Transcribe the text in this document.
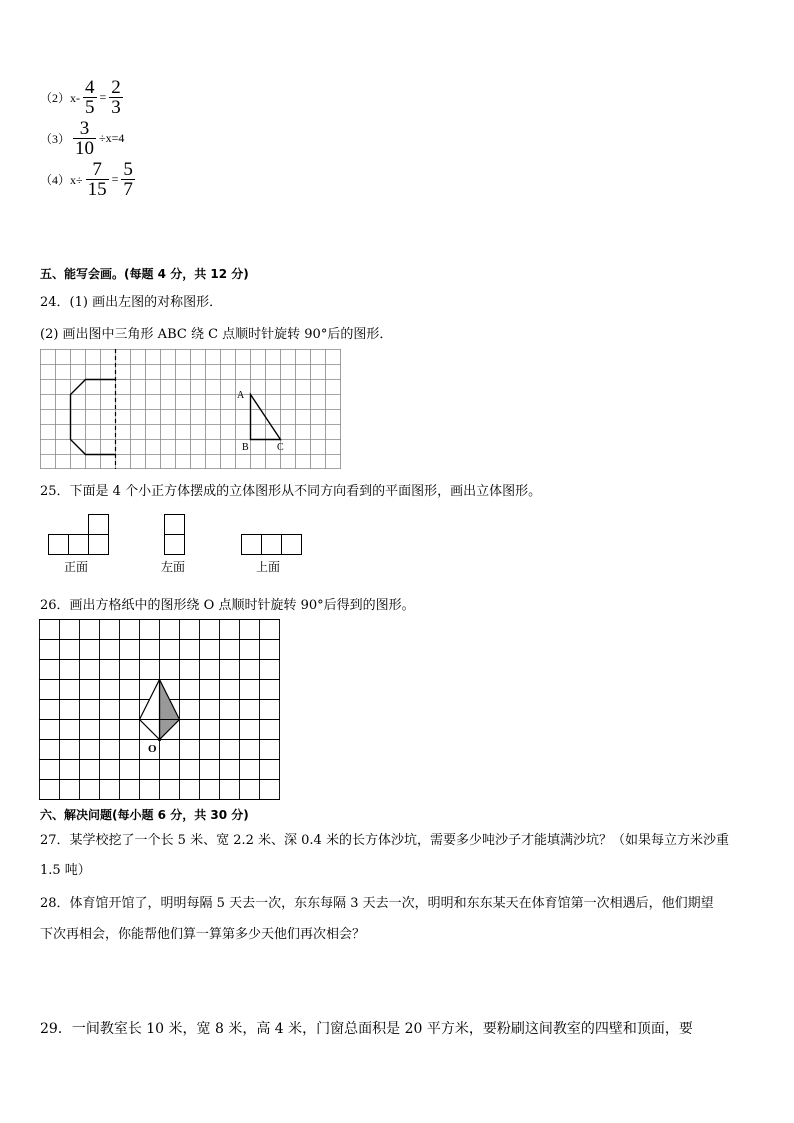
$(2)x- \frac{4}{5} = \frac{2}{3}$
$(3) \frac{3}{10} \div x=4$
$(4)x\div \frac{7}{15} = \frac{5}{7}$
五、能写会画。(每题 4 分，共 12 分)
24．(1) 画出左图的对称图形．
(2) 画出图中三角形 ABC 绕 C 点顺时针旋转 90°后的图形．
A
B	C
25．下面是 4 个小正方体摆成的立体图形从不同方向看到的平面图形，画出立体图形。
正面	左面	上面
26．画出方格纸中的图形绕 O 点顺时针旋转 90°后得到的图形。
O
六、解决问题(每小题 6 分，共 30 分)
27．某学校挖了一个长 5 米、宽 2.2 米、深 0.4 米的长方体沙坑，需要多少吨沙子才能填满沙坑？（如果每立方米沙重
1.5 吨）
28．体育馆开馆了，明明每隔 5 天去一次，东东每隔 3 天去一次，明明和东东某天在体育馆第一次相遇后，他们期望
下次再相会，你能帮他们算一算第多少天他们再次相会？
29．一间教室长 10 米，宽 8 米，高 4 米，门窗总面积是 20 平方米，要粉刷这间教室的四壁和顶面，要
